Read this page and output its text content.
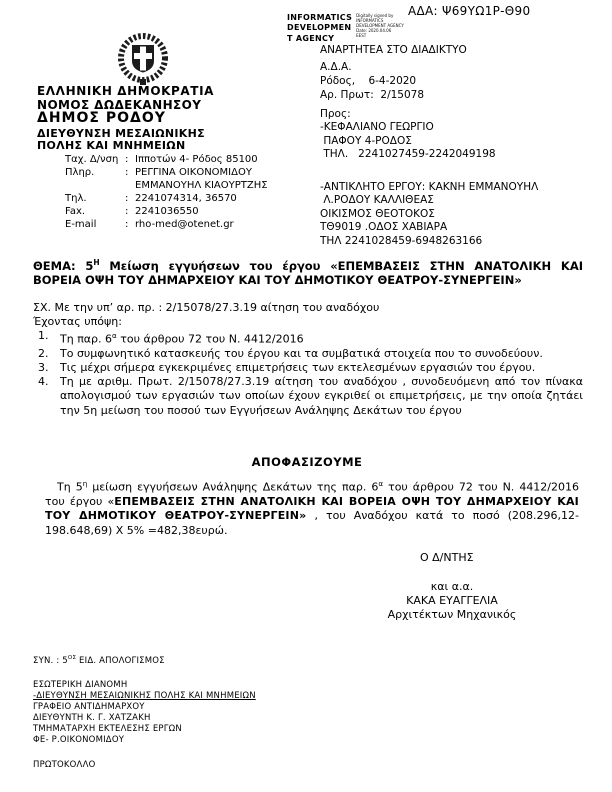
ΑΔΑ: Ψ69ΥΩ1Ρ-Θ90
INFORMATICS
DEVELOPMEN
T AGENCY
Digitally signed by
INFORMATICS
DEVELOPMENT AGENCY
Date: 2020.04.06
EEST
ΑΝΑΡΤΗΤΕΑ ΣΤΟ ΔΙΑΔΙΚΤΥΟ
Α.Δ.Α.
Ρόδος,    6-4-2020
Αρ. Πρωτ:  2/15078
ΕΛΛΗΝΙΚΗ ΔΗΜΟΚΡΑΤΙΑ
ΝΟΜΟΣ ΔΩΔΕΚΑΝΗΣΟΥ
ΔΗΜΟΣ ΡΟΔΟΥ
ΔΙΕΥΘΥΝΣΗ ΜΕΣΑΙΩΝΙΚΗΣ
ΠΟΛΗΣ ΚΑΙ ΜΝΗΜΕΙΩΝ
Ταχ. Δ/νση : Ιπποτών 4- Ρόδος 85100
Πληρ.	: ΡΕΓΓΙΝΑ ΟΙΚΟΝΟΜΙΔΟΥ
ΕΜΜΑΝΟΥΗΛ ΚΙΑΟΥΡΤΖΗΣ
Τηλ.	: 2241074314, 36570
Fax.	: 2241036550
E-mail	: rho-med@otenet.gr
Προς:
-ΚΕΦΑΛΙΑΝΟ ΓΕΩΡΓΙΟ
ΠΑΦΟΥ 4-ΡΟΔΟΣ
ΤΗΛ.   2241027459-2242049198
-ΑΝΤΙΚΛΗΤΟ ΕΡΓΟΥ: ΚΑΚΝΗ ΕΜΜΑΝΟΥΗΛ
Λ.ΡΟΔΟΥ ΚΑΛΛΙΘΕΑΣ
ΟΙΚΙΣΜΟΣ ΘΕΟΤΟΚΟΣ
ΤΘ9019 .ΟΔΟΣ ΧΑΒΙΑΡΑ
ΤΗΛ 2241028459-6948263166
ΘΕΜΑ: $5^H$ Μείωση εγγυήσεων του έργου «ΕΠΕΜΒΑΣΕΙΣ ΣΤΗΝ ΑΝΑΤΟΛΙΚΗ ΚΑΙ ΒΟΡΕΙΑ ΟΨΗ ΤΟΥ ΔΗΜΑΡΧΕΙΟΥ ΚΑΙ ΤΟΥ ΔΗΜΟΤΙΚΟΥ ΘΕΑΤΡΟΥ-ΣΥΝΕΡΓΕΙΝ»
ΣΧ. Με την υπ’ αρ. πρ. : 2/15078/27.3.19 αίτηση του αναδόχου
Έχοντας υπόψη:
1.	Τη παρ. $6^\alpha$ του άρθρου 72 του Ν. 4412/2016
2.	Το συμφωνητικό κατασκευής του έργου και τα συμβατικά στοιχεία που το συνοδεύουν.
3.	Τις μέχρι σήμερα εγκεκριμένες επιμετρήσεις των εκτελεσμένων εργασιών του έργου.
4.	Τη με αριθμ. Πρωτ. 2/15078/27.3.19 αίτηση του αναδόχου , συνοδευόμενη από τον πίνακα απολογισμού των εργασιών των οποίων έχουν εγκριθεί οι επιμετρήσεις, με την οποία ζητάει την 5η μείωση του ποσού των Εγγυήσεων Ανάληψης Δεκάτων του έργου
ΑΠΟΦΑΣΙΖΟΥΜΕ
Τη $5^\eta$ μείωση εγγυήσεων Ανάληψης Δεκάτων της παρ. $6^\alpha$ του άρθρου 72 του Ν. 4412/2016 του έργου «ΕΠΕΜΒΑΣΕΙΣ ΣΤΗΝ ΑΝΑΤΟΛΙΚΗ ΚΑΙ ΒΟΡΕΙΑ ΟΨΗ ΤΟΥ ΔΗΜΑΡΧΕΙΟΥ ΚΑΙ ΤΟΥ ΔΗΜΟΤΙΚΟΥ ΘΕΑΤΡΟΥ-ΣΥΝΕΡΓΕΙΝ» , του Αναδόχου κατά το ποσό (208.296,12-198.648,69) Χ 5% =482,38ευρώ.
Ο Δ/ΝΤΗΣ
και α.α.
ΚΑΚΑ ΕΥΑΓΓΕΛΙΑ
Αρχιτέκτων Μηχανικός
ΣΥΝ. : $5^{O\Sigma}$ ΕΙΔ. ΑΠΟΛΟΓΙΣΜΟΣ
ΕΣΩΤΕΡΙΚΗ ΔΙΑΝΟΜΗ
-ΔΙΕΥΘΥΝΣΗ ΜΕΣΑΙΩΝΙΚΗΣ ΠΟΛΗΣ ΚΑΙ ΜΝΗΜΕΙΩΝ
ΓΡΑΦΕΙΟ ΑΝΤΙΔΗΜΑΡΧΟΥ
ΔΙΕΥΘΥΝΤΗ Κ. Γ. ΧΑΤΖΑΚΗ
ΤΜΗΜΑΤΑΡΧΗ ΕΚΤΕΛΕΣΗΣ ΕΡΓΩΝ
ΦΕ- Ρ.ΟΙΚΟΝΟΜΙΔΟΥ
ΠΡΩΤΟΚΟΛΛΟ
